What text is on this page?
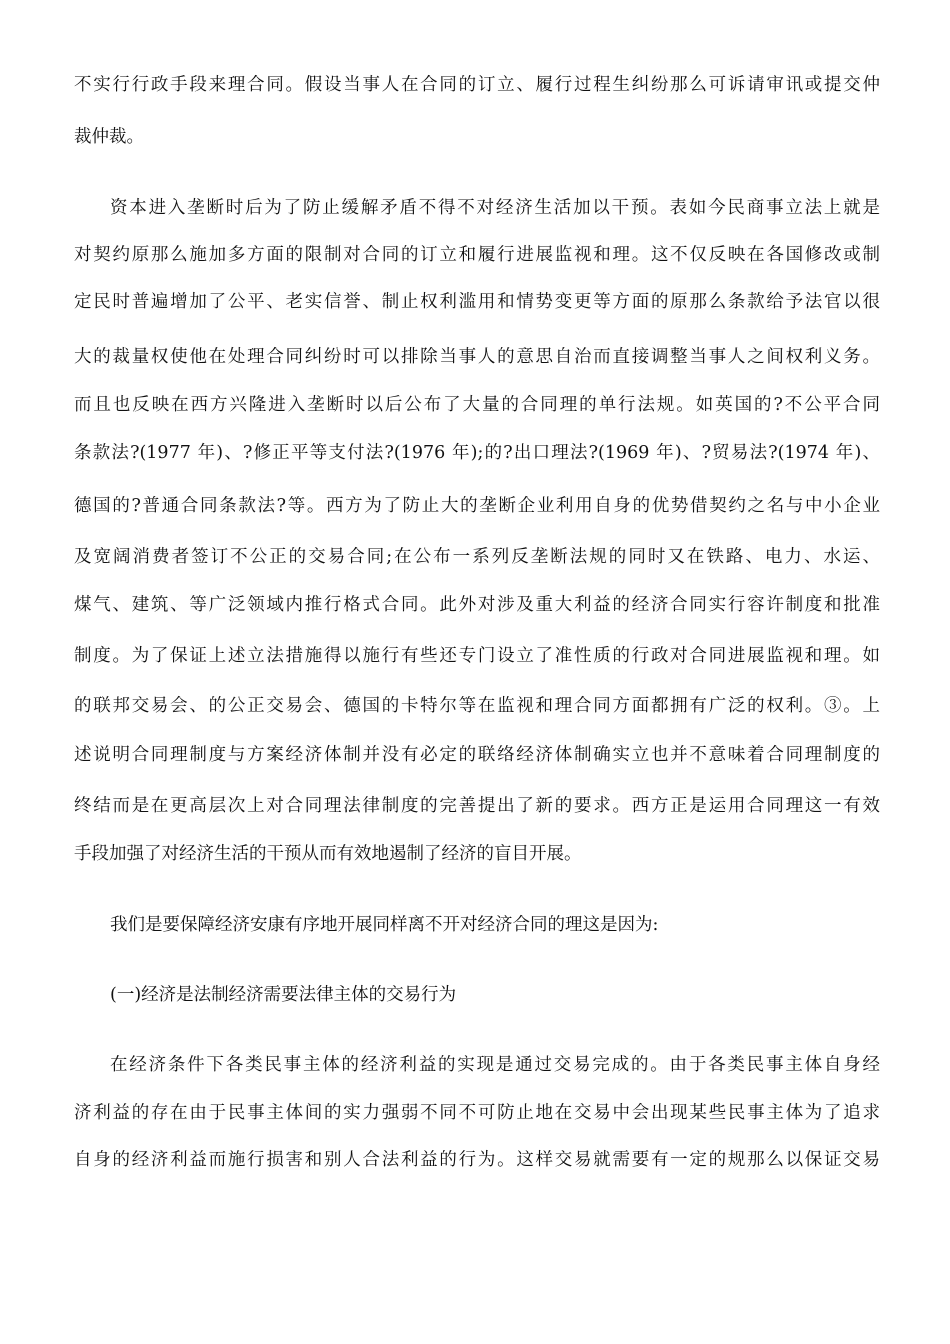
不实行行政手段来理合同。假设当事人在合同的订立、履行过程生纠纷那么可诉请审讯或提交仲
裁仲裁。
资本进入垄断时后为了防止缓解矛盾不得不对经济生活加以干预。表如今民商事立法上就是
对契约原那么施加多方面的限制对合同的订立和履行进展监视和理。这不仅反映在各国修改或制
定民时普遍增加了公平、老实信誉、制止权利滥用和情势变更等方面的原那么条款给予法官以很
大的裁量权使他在处理合同纠纷时可以排除当事人的意思自治而直接调整当事人之间权利义务。
而且也反映在西方兴隆进入垄断时以后公布了大量的合同理的单行法规。如英国的?不公平合同
条款法?(1977 年)、?修正平等支付法?(1976 年);的?出口理法?(1969 年)、?贸易法?(1974 年)、
德国的?普通合同条款法?等。西方为了防止大的垄断企业利用自身的优势借契约之名与中小企业
及宽阔消费者签订不公正的交易合同;在公布一系列反垄断法规的同时又在铁路、电力、水运、
煤气、建筑、等广泛领域内推行格式合同。此外对涉及重大利益的经济合同实行容许制度和批准
制度。为了保证上述立法措施得以施行有些还专门设立了准性质的行政对合同进展监视和理。如
的联邦交易会、的公正交易会、德国的卡特尔等在监视和理合同方面都拥有广泛的权利。③。上
述说明合同理制度与方案经济体制并没有必定的联络经济体制确实立也并不意味着合同理制度的
终结而是在更高层次上对合同理法律制度的完善提出了新的要求。西方正是运用合同理这一有效
手段加强了对经济生活的干预从而有效地遏制了经济的盲目开展。
我们是要保障经济安康有序地开展同样离不开对经济合同的理这是因为:
(一)经济是法制经济需要法律主体的交易行为
在经济条件下各类民事主体的经济利益的实现是通过交易完成的。由于各类民事主体自身经
济利益的存在由于民事主体间的实力强弱不同不可防止地在交易中会出现某些民事主体为了追求
自身的经济利益而施行损害和别人合法利益的行为。这样交易就需要有一定的规那么以保证交易
